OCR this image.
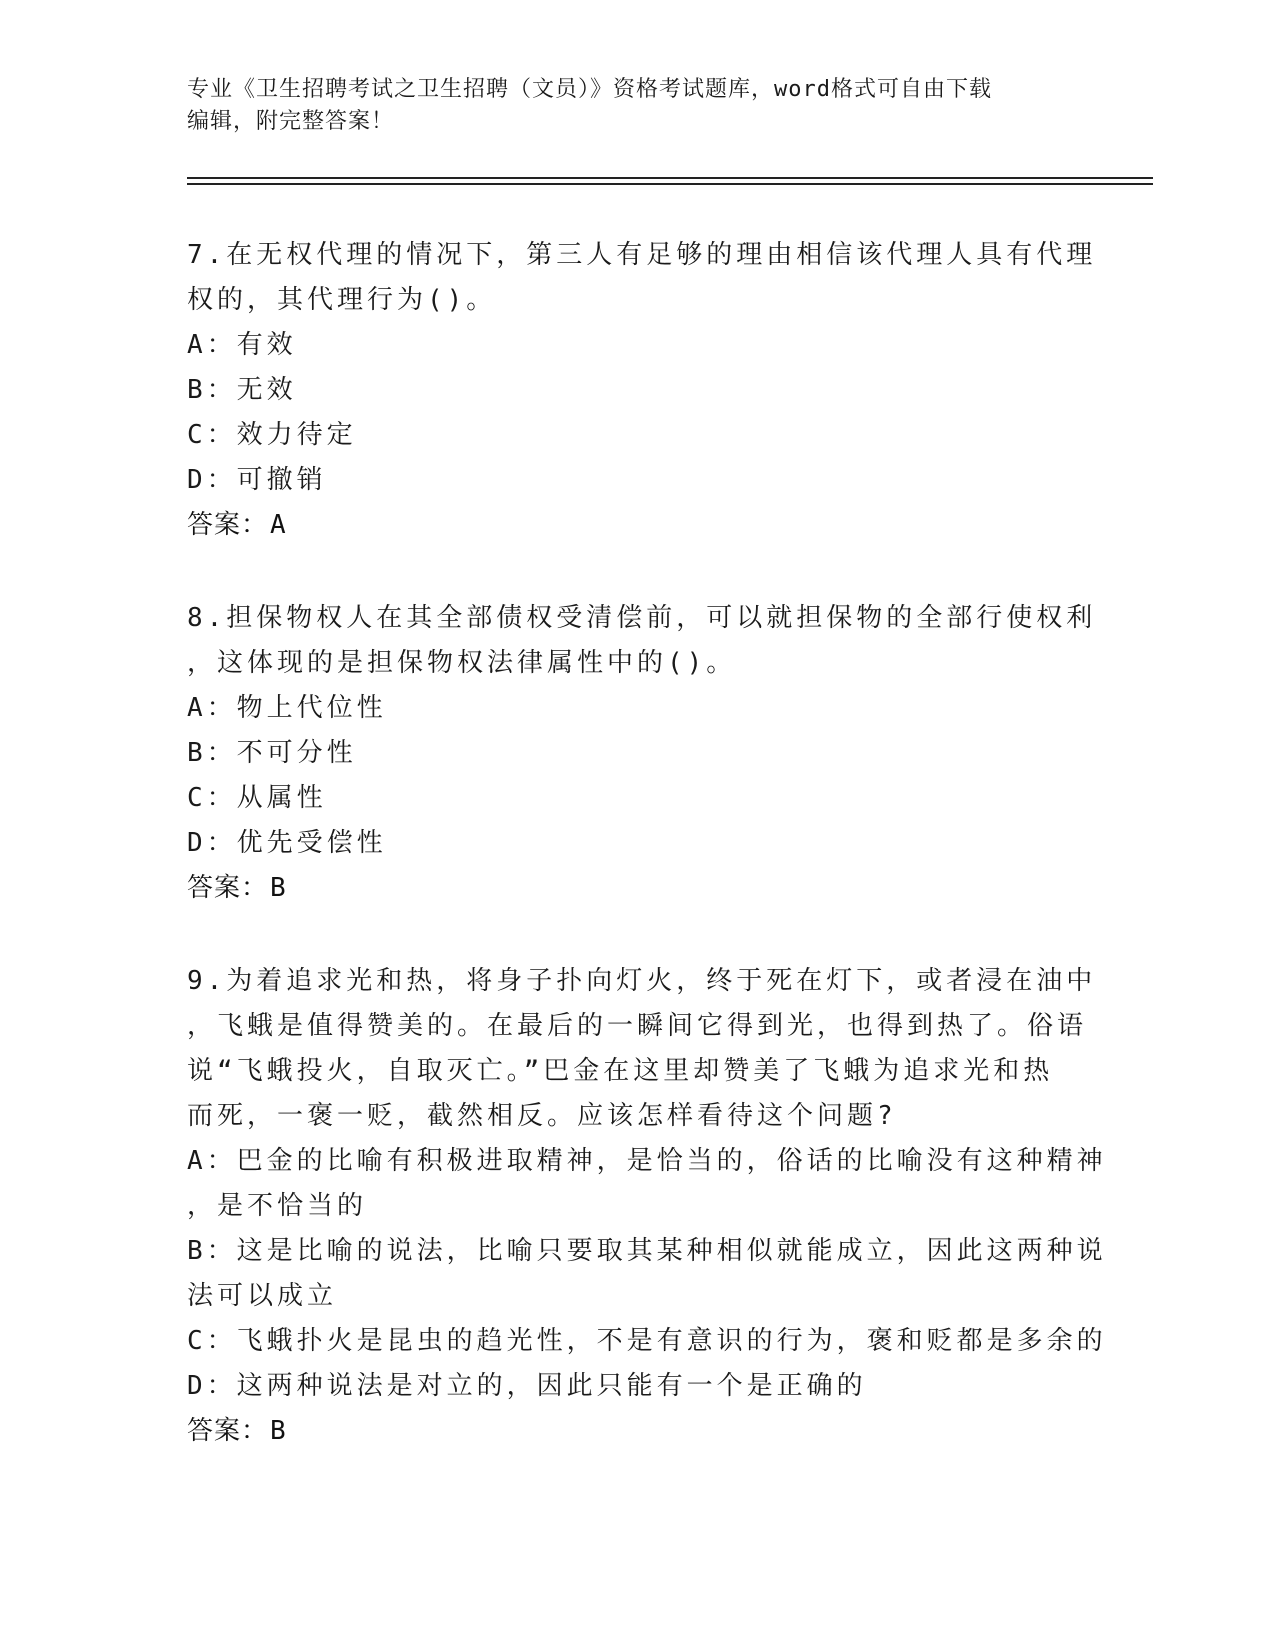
专业《卫生招聘考试之卫生招聘（文员）》资格考试题库，word格式可自由下载
编辑，附完整答案！
7.在无权代理的情况下，第三人有足够的理由相信该代理人具有代理
权的，其代理行为()。
A：有效
B：无效
C：效力待定
D：可撤销
答案：A
8.担保物权人在其全部债权受清偿前，可以就担保物的全部行使权利
，这体现的是担保物权法律属性中的()。
A：物上代位性
B：不可分性
C：从属性
D：优先受偿性
答案：B
9.为着追求光和热，将身子扑向灯火，终于死在灯下，或者浸在油中
，飞蛾是值得赞美的。在最后的一瞬间它得到光，也得到热了。俗语
说“飞蛾投火，自取灭亡。”巴金在这里却赞美了飞蛾为追求光和热
而死，一褒一贬，截然相反。应该怎样看待这个问题?
A：巴金的比喻有积极进取精神，是恰当的，俗话的比喻没有这种精神
，是不恰当的
B：这是比喻的说法，比喻只要取其某种相似就能成立，因此这两种说
法可以成立
C：飞蛾扑火是昆虫的趋光性，不是有意识的行为，褒和贬都是多余的
D：这两种说法是对立的，因此只能有一个是正确的
答案：B
